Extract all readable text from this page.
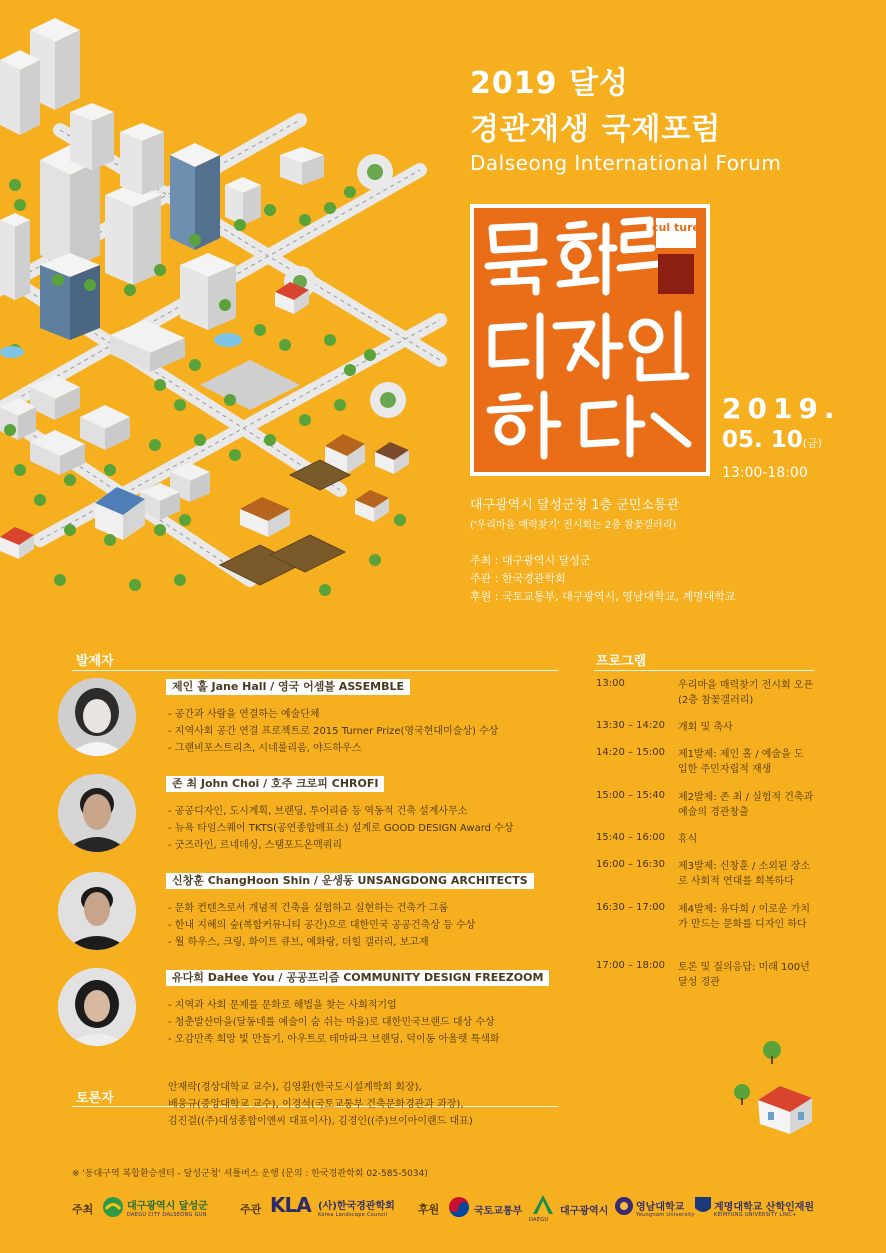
2019 달성
경관재생 국제포럼
Dalseong International Forum
cul ture
2019.
05. 10(금)
13:00-18:00
대구광역시 달성군청 1층 군민소통관
('우리마을 매력찾기' 전시회는 2층 참꽃갤러리)
주최 : 대구광역시 달성군
주관 : 한국경관학회
후원 : 국토교통부, 대구광역시, 영남대학교, 계명대학교
발제자
제인 홀 Jane Hall / 영국 어셈블 ASSEMBLE
- 공간과 사람을 연결하는 예술단체
- 지역사회 공간 연결 프로젝트로 2015 Turner Prize(영국현대미술상) 수상
- 그랜비포스트리츠, 시네룰리움, 야드하우스
존 최 John Choi / 호주 크로피 CHROFI
- 공공디자인, 도시계획, 브랜딩, 투어리즘 등 역동적 건축 설계사무소
- 뉴욕 타임스퀘어 TKTS(공연종합매표소) 설계로 GOOD DESIGN Award 수상
- 굿즈라인, 르네데싱, 스탬포드온맥쿼리
신창훈 ChangHoon Shin / 운생동 UNSANGDONG ARCHITECTS
- 문화 컨텐츠로서 개념적 건축을 실험하고 실현하는 건축가 그룹
- 한내 지혜의 숲(복합커뮤니티 공간)으로 대한민국 공공건축상 등 수상
- 월 하우스, 크링, 화이트 큐브, 예화랑, 더힐 갤러리, 보고재
유다희 DaHee You / 공공프리즘 COMMUNITY DESIGN FREEZOOM
- 지역과 사회 문제를 문화로 해법을 찾는 사회적기업
- 청춘발산마을(달동네를 예술이 숨 쉬는 마을)로 대한민국브랜드 대상 수상
- 오감만족 희망 빛 만들기, 아우트로 테마파크 브랜딩, 덕이동 아울렛 특색화
프로그램
13:00	우리마을 매력찾기 전시회 오픈 (2층 참꽃갤러리)
13:30 – 14:20 개회 및 축사
14:20 – 15:00 제1발제: 제인 홀 / 예술을 도입한 주민자립적 재생
15:00 – 15:40 제2발제: 존 최 / 실험적 건축과 예술의 경관창출
15:40 – 16:00 휴식
16:00 – 16:30 제3발제: 신창훈 / 소외된 장소로 사회적 연대를 회복하다
16:30 – 17:00 제4발제: 유다희 / 이로운 가치가 만드는 문화를 디자인 하다
17:00 – 18:00 토론 및 질의응답: 미래 100년 달성 경관
토론자
안재락(경상대학교 교수), 김영환(한국도시설계학회 회장),
배웅규(중앙대학교 교수), 이경석(국토교통부 건축문화경관과 과장),
김진걸((주)대성종합이앤씨 대표이사), 김경인((주)브이아이랜드 대표)
※ '동대구역 복합환승센터 - 달성군청' 셔틀버스 운행 (문의 : 한국경관학회 02-585-5034)
주최	대구광역시 달성군
DAEGU CITY DALSEONG GUN	주관 KLA (사)한국경관학회
Korea Landscape Council	후원	국토교통부
DAEGU
대구광역시	영남대학교
Yeungnam University
계명대학교 산학인재원
KEIMYUNG UNIVERSITY LINC+
